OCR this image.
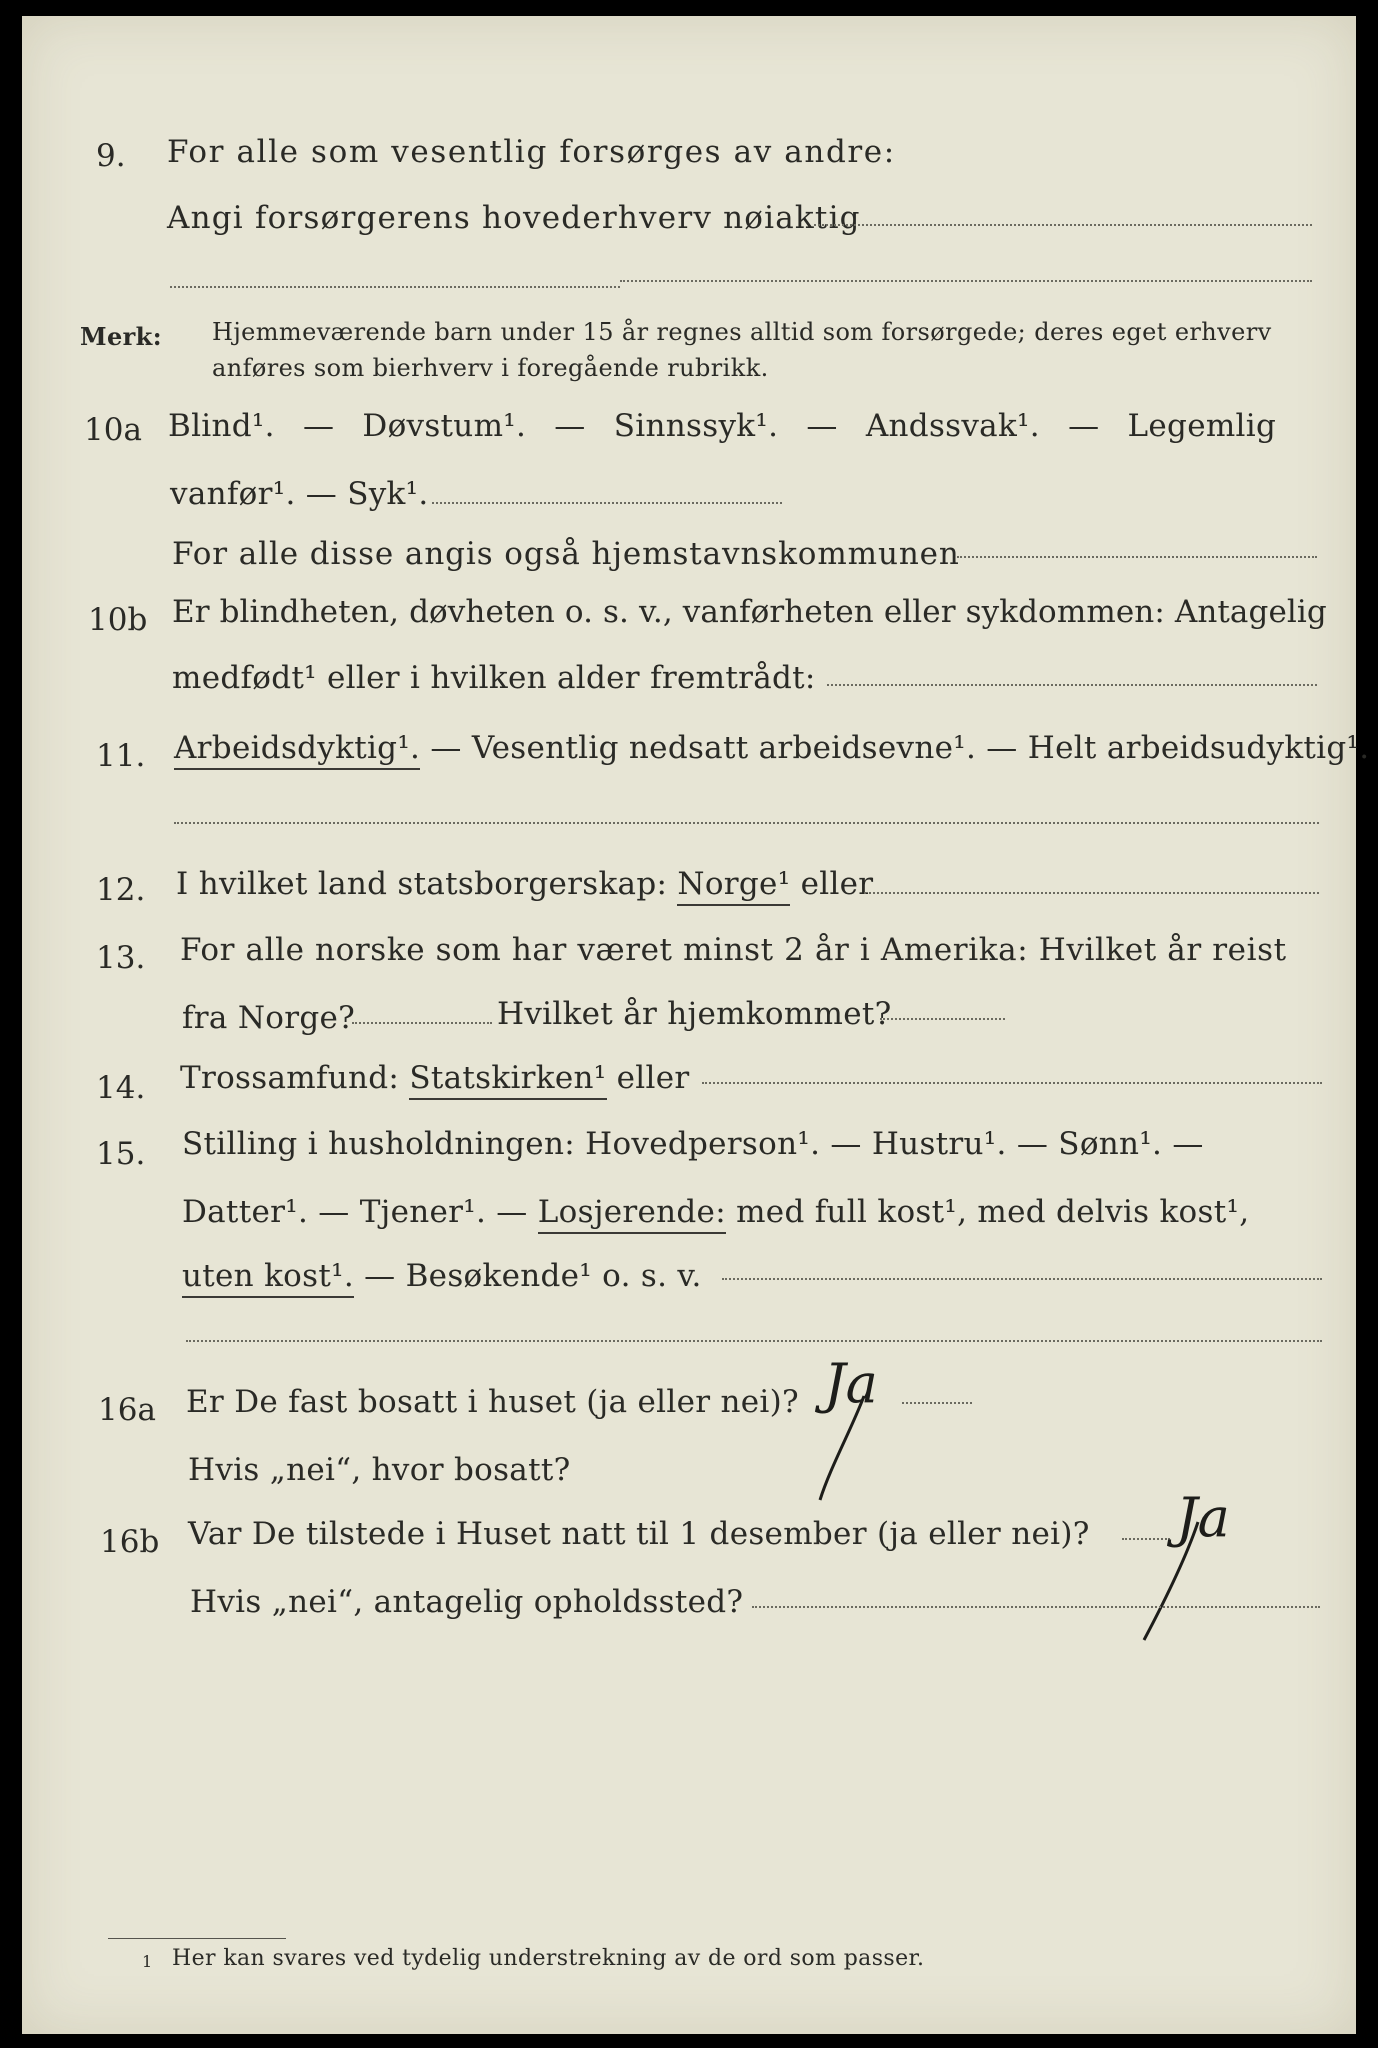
9. For alle som vesentlig forsørges av andre:
Angi forsørgerens hovederhverv nøiaktig
Merk: Hjemmeværende barn under 15 år regnes alltid som forsørgede; deres eget erhverv
anføres som bierhverv i foregående rubrikk.
10a Blind¹. — Døvstum¹. — Sinnssyk¹. — Andssvak¹. — Legemlig
vanfør¹. — Syk¹.
For alle disse angis også hjemstavnskommunen
10b Er blindheten, døvheten o. s. v., vanførheten eller sykdommen: Antagelig
medfødt¹ eller i hvilken alder fremtrådt:
11. Arbeidsdyktig¹. — Vesentlig nedsatt arbeidsevne¹. — Helt arbeidsudyktig¹.
12. I hvilket land statsborgerskap: Norge¹ eller
13. For alle norske som har været minst 2 år i Amerika: Hvilket år reist
fra Norge?	Hvilket år hjemkommet?
14. Trossamfund: Statskirken¹ eller
15. Stilling i husholdningen: Hovedperson¹. — Hustru¹. — Sønn¹. —
Datter¹. — Tjener¹. — Losjerende: med full kost¹, med delvis kost¹,
uten kost¹. — Besøkende¹ o. s. v.
16a Er De fast bosatt i huset (ja eller nei)? Ja
Hvis „nei“, hvor bosatt?
16b Var De tilstede i Huset natt til 1 desember (ja eller nei)? Ja
Hvis „nei“, antagelig opholdssted?
1 Her kan svares ved tydelig understrekning av de ord som passer.
